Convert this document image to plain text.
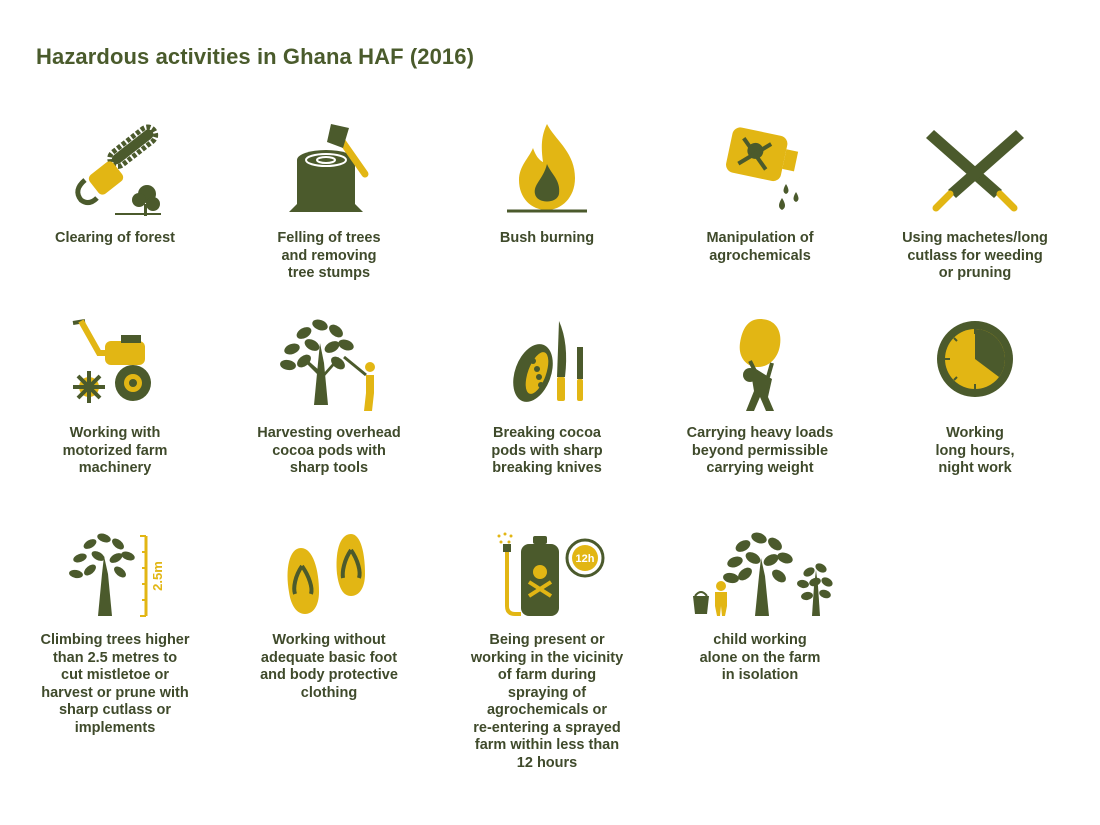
Hazardous activities in Ghana HAF (2016)
Clearing of forest	Felling of trees
and removing
tree stumps
Bush burning	Manipulation of
agrochemicals
Using machetes/long
cutlass for weeding
or pruning
Working with
motorized farm
machinery
Harvesting overhead
cocoa pods with
sharp tools
Breaking cocoa
pods with sharp
breaking knives
Carrying heavy loads
beyond permissible
carrying weight
Working
long hours,
night work
2.5m
Climbing trees higher
than 2.5 metres to
cut mistletoe or
harvest or prune with
sharp cutlass or
implements
Working without
adequate basic foot
and body protective
clothing
12h
Being present or
working in the vicinity
of farm during
spraying of
agrochemicals or
re-entering a sprayed
farm within less than
12 hours
child working
alone on the farm
in isolation
